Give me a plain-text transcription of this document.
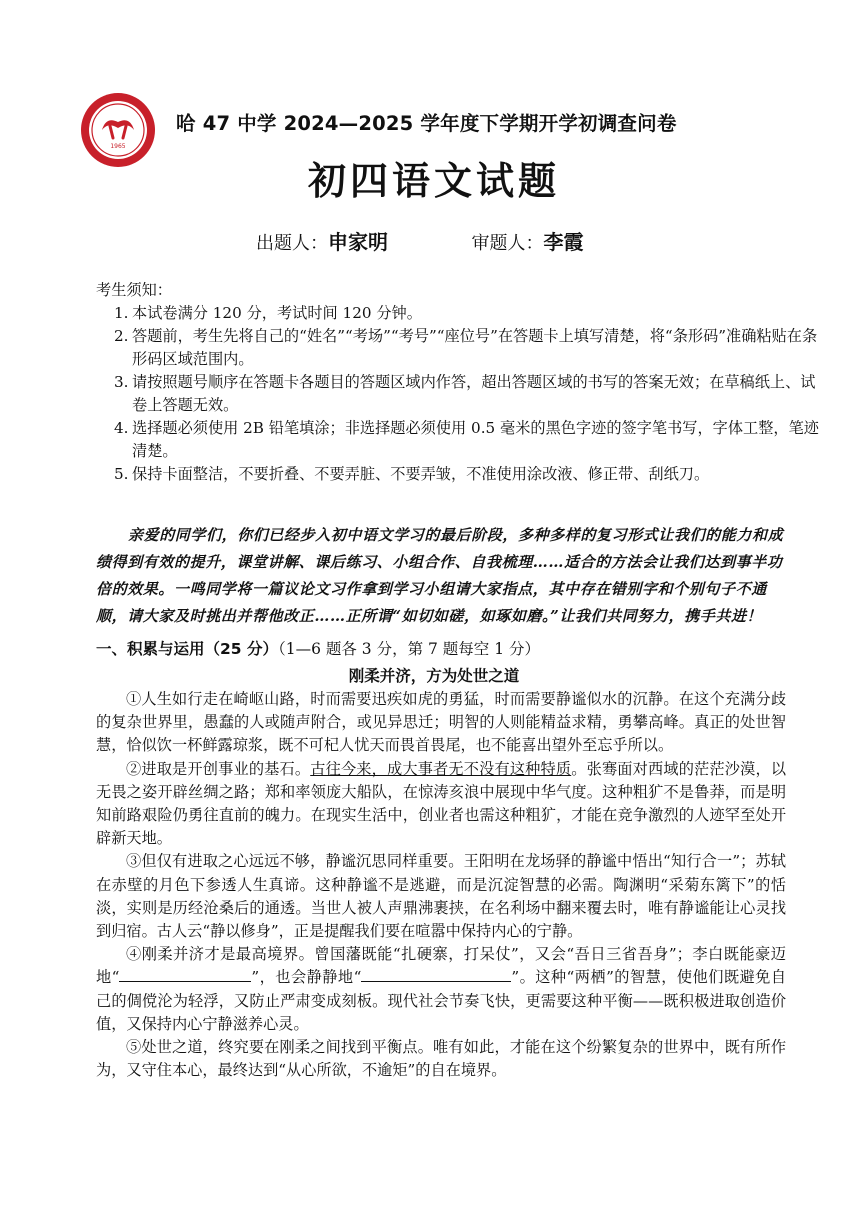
1965
哈 47 中学 2024—2025 学年度下学期开学初调查问卷
初四语文试题
出题人：申家明	审题人：李霞

考生须知：

1. 本试卷满分 120 分，考试时间 120 分钟。
2. 答题前，考生先将自己的“姓名”“考场”“考号”“座位号”在答题卡上填写清楚，将“条形码”准确粘贴在条形码区域范围内。
3. 请按照题号顺序在答题卡各题目的答题区域内作答，超出答题区域的书写的答案无效；在草稿纸上、试卷上答题无效。
4. 选择题必须使用 2B 铅笔填涂；非选择题必须使用 0.5 毫米的黑色字迹的签字笔书写，字体工整，笔迹清楚。
5. 保持卡面整洁，不要折叠、不要弄脏、不要弄皱，不准使用涂改液、修正带、刮纸刀。

亲爱的同学们，你们已经步入初中语文学习的最后阶段，多种多样的复习形式让我们的能力和成绩得到有效的提升，课堂讲解、课后练习、小组合作、自我梳理……适合的方法会让我们达到事半功倍的效果。一鸣同学将一篇议论文习作拿到学习小组请大家指点，其中存在错别字和个别句子不通顺，请大家及时挑出并帮他改正……正所谓“如切如磋，如琢如磨。”让我们共同努力，携手共进！

一、积累与运用（25 分）（1—6 题各 3 分，第 7 题每空 1 分）
刚柔并济，方为处世之道

①人生如行走在崎岖山路，时而需要迅疾如虎的勇猛，时而需要静谧似水的沉静。在这个充满分歧的复杂世界里，愚蠢的人或随声附合，或见异思迁；明智的人则能精益求精，勇攀高峰。真正的处世智慧，恰似饮一杯鲜露琼浆，既不可杞人忧天而畏首畏尾，也不能喜出望外至忘乎所以。

②进取是开创事业的基石。古往今来，成大事者无不没有这种特质。张骞面对西域的茫茫沙漠，以无畏之姿开辟丝绸之路；郑和率领庞大船队，在惊涛亥浪中展现中华气度。这种粗犷不是鲁莽，而是明知前路艰险仍勇往直前的魄力。在现实生活中，创业者也需这种粗犷，才能在竞争激烈的人迹罕至处开辟新天地。

③但仅有进取之心远远不够，静谧沉思同样重要。王阳明在龙场驿的静谧中悟出“知行合一”；苏轼在赤壁的月色下参透人生真谛。这种静谧不是逃避，而是沉淀智慧的必需。陶渊明“采菊东篱下”的恬淡，实则是历经沧桑后的通透。当世人被人声鼎沸裹挟，在名利场中翻来覆去时，唯有静谧能让心灵找到归宿。古人云“静以修身”，正是提醒我们要在喧嚣中保持内心的宁静。

④刚柔并济才是最高境界。曾国藩既能“扎硬寨，打呆仗”，又会“吾日三省吾身”；李白既能豪迈地“	”，也会静静地“	”。这种“两栖”的智慧，使他们既避免自己的倜傥沦为轻浮，又防止严肃变成刻板。现代社会节奏飞快，更需要这种平衡——既积极进取创造价值，又保持内心宁静滋养心灵。

⑤处世之道，终究要在刚柔之间找到平衡点。唯有如此，才能在这个纷繁复杂的世界中，既有所作为，又守住本心，最终达到“从心所欲，不逾矩”的自在境界。
